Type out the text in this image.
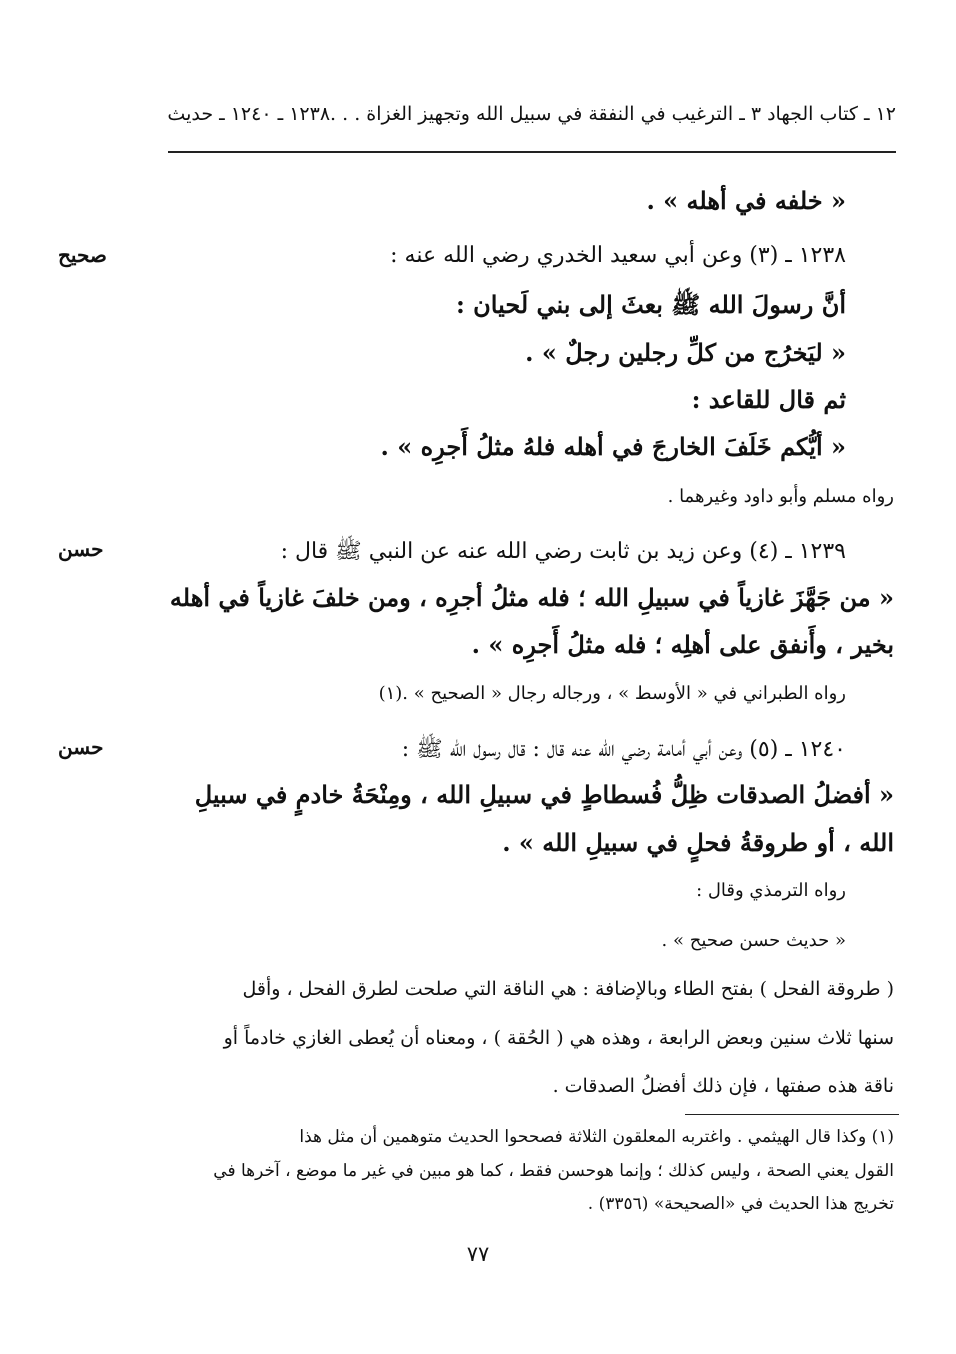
١٢ ـ كتاب الجهاد ٣ ـ الترغيب في النفقة في سبيل الله وتجهيز الغزاة . . .١٢٣٨ ـ ١٢٤٠ ـ حديث
« خلفه في أهله » .
صحيح	١٢٣٨ ـ (٣) وعن أبي سعيد الخدري رضي الله عنه :
أنَّ رسولَ الله ﷺ بعثَ إلى بني لَحيان :
« ليَخرُج من كلِّ رجلين رجلٌ » .
ثم قال للقاعد :
« أيُّكم خَلَفَ الخارجَ في أهله فلهُ مثلُ أَجرِه » .
رواه مسلم وأبو داود وغيرهما .
حسن	١٢٣٩ ـ (٤) وعن زيد بن ثابت رضي الله عنه عن النبي ﷺ قال :
« من جَهَّزَ غازياً في سبيلِ الله ؛ فله مثلُ أجرِه ، ومن خلفَ غازياً في أهله
بخير ، وأَنفق على أهلِه ؛ فله مثلُ أَجرِه » .
رواه الطبراني في « الأوسط » ، ورجاله رجال « الصحيح » .(١)
حسن	١٢٤٠ ـ (٥) وعن أبي أمامة رضي الله عنه قال : قال رسول الله ﷺ :
« أفضلُ الصدقات ظِلُّ فُسطاطٍ في سبيلِ الله ، ومِنْحَةُ خادمٍ في سبيلِ
الله ، أو طروقةُ فحلٍ في سبيلِ الله » .
رواه الترمذي وقال :
« حديث حسن صحيح » .
( طروقة الفحل ) بفتح الطاء وبالإضافة : هي الناقة التي صلحت لطرق الفحل ، وأقل
سنها ثلاث سنين وبعض الرابعة ، وهذه هي ( الحُقة ) ، ومعناه أن يُعطى الغازي خادماً أو
ناقة هذه صفتها ، فإن ذلك أفضلُ الصدقات .
(١) وكذا قال الهيثمي . واغتربه المعلقون الثلاثة فصححوا الحديث متوهمين أن مثل هذا
القول يعني الصحة ، وليس كذلك ؛ وإنما هوحسن فقط ، كما هو مبين في غير ما موضع ، آخرها في
تخريج هذا الحديث في «الصحيحة» (٣٣٥٦) .
٧٧
